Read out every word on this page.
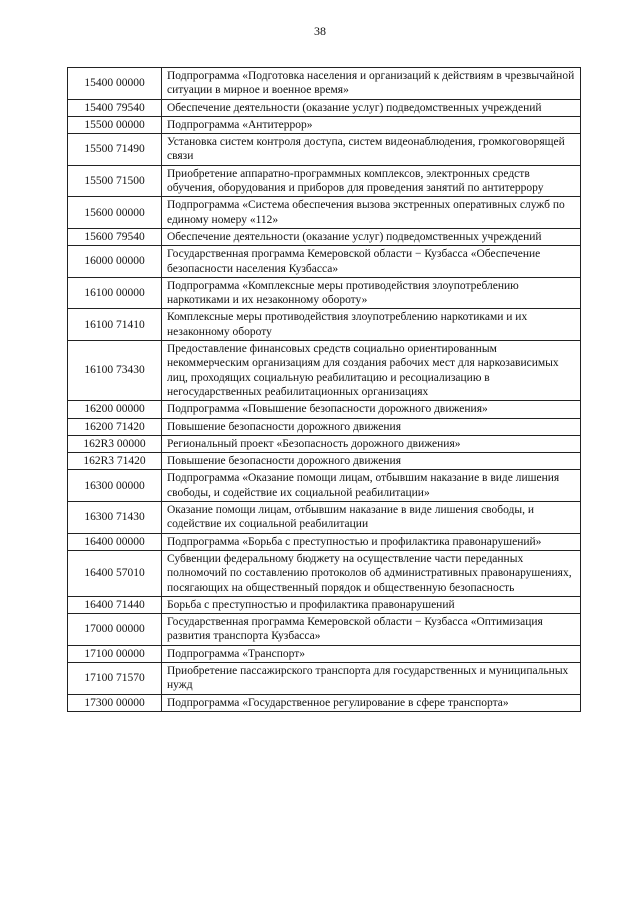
38
15400 00000	Подпрограмма «Подготовка населения и организаций к действиям в чрезвычайной ситуации в мирное и военное время»
15400 79540	Обеспечение деятельности (оказание услуг) подведомственных учреждений
15500 00000	Подпрограмма «Антитеррор»
15500 71490	Установка систем контроля доступа, систем видеонаблюдения, громкоговорящей связи
15500 71500	Приобретение аппаратно-программных комплексов, электронных средств обучения, оборудования и приборов для проведения занятий по антитеррору
15600 00000	Подпрограмма «Система обеспечения вызова экстренных оперативных служб по единому номеру «112»
15600 79540	Обеспечение деятельности (оказание услуг) подведомственных учреждений
16000 00000	Государственная программа Кемеровской области − Кузбасса «Обеспечение безопасности населения Кузбасса»
16100 00000	Подпрограмма «Комплексные меры противодействия злоупотреблению наркотиками и их незаконному обороту»
16100 71410	Комплексные меры противодействия злоупотреблению наркотиками и их незаконному обороту
16100 73430	Предоставление финансовых средств социально ориентированным некоммерческим организациям для создания рабочих мест для наркозависимых лиц, проходящих социальную реабилитацию и ресоциализацию в негосударственных реабилитационных организациях
16200 00000	Подпрограмма «Повышение безопасности дорожного движения»
16200 71420	Повышение безопасности дорожного движения
162R3 00000	Региональный проект «Безопасность дорожного движения»
162R3 71420	Повышение безопасности дорожного движения
16300 00000	Подпрограмма «Оказание помощи лицам, отбывшим наказание в виде лишения свободы, и содействие их социальной реабилитации»
16300 71430	Оказание помощи лицам, отбывшим наказание в виде лишения свободы, и содействие их социальной реабилитации
16400 00000	Подпрограмма «Борьба с преступностью и профилактика правонарушений»
16400 57010	Субвенции федеральному бюджету на осуществление части переданных полномочий по составлению протоколов об административных правонарушениях, посягающих на общественный порядок и общественную безопасность
16400 71440	Борьба с преступностью и профилактика правонарушений
17000 00000	Государственная программа Кемеровской области − Кузбасса «Оптимизация развития транспорта Кузбасса»
17100 00000	Подпрограмма «Транспорт»
17100 71570	Приобретение пассажирского транспорта для государственных и муниципальных нужд
17300 00000	Подпрограмма «Государственное регулирование в сфере транспорта»
